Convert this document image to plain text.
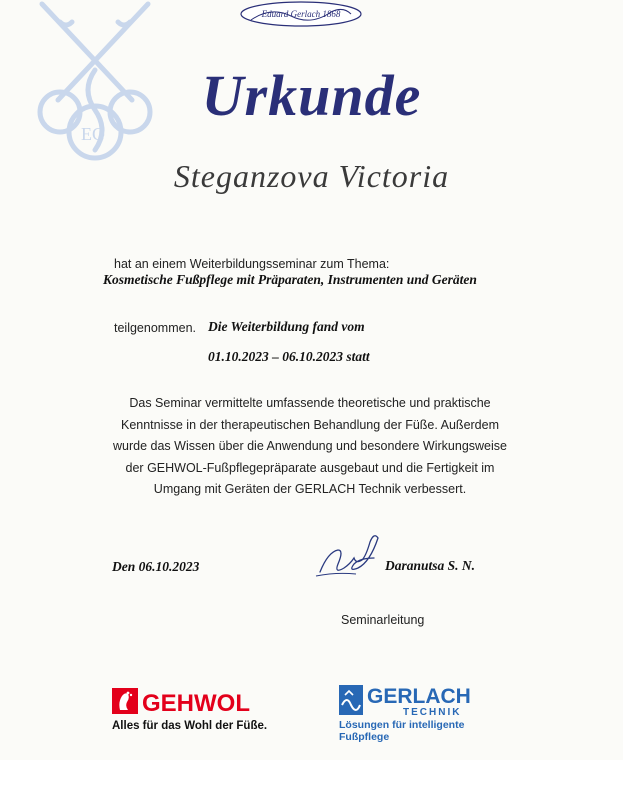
EG
Eduard Gerlach 1868
Urkunde
Steganzova Victoria
hat an einem Weiterbildungsseminar zum Thema:
Kosmetische Fußpflege mit Präparaten, Instrumenten und Geräten
teilgenommen. Die Weiterbildung fand vom
01.10.2023 – 06.10.2023 statt
Das Seminar vermittelte umfassende theoretische und praktische
Kenntnisse in der therapeutischen Behandlung der Füße. Außerdem
wurde das Wissen über die Anwendung und besondere Wirkungsweise
der GEHWOL-Fußpflegepräparate ausgebaut und die Fertigkeit im
Umgang mit Geräten der GERLACH Technik verbessert.
Den 06.10.2023	Daranutsa S. N.
Seminarleitung
GEHWOL
Alles für das Wohl der Füße.
GERLACH
TECHNIK
Lösungen für intelligente Fußpflege
